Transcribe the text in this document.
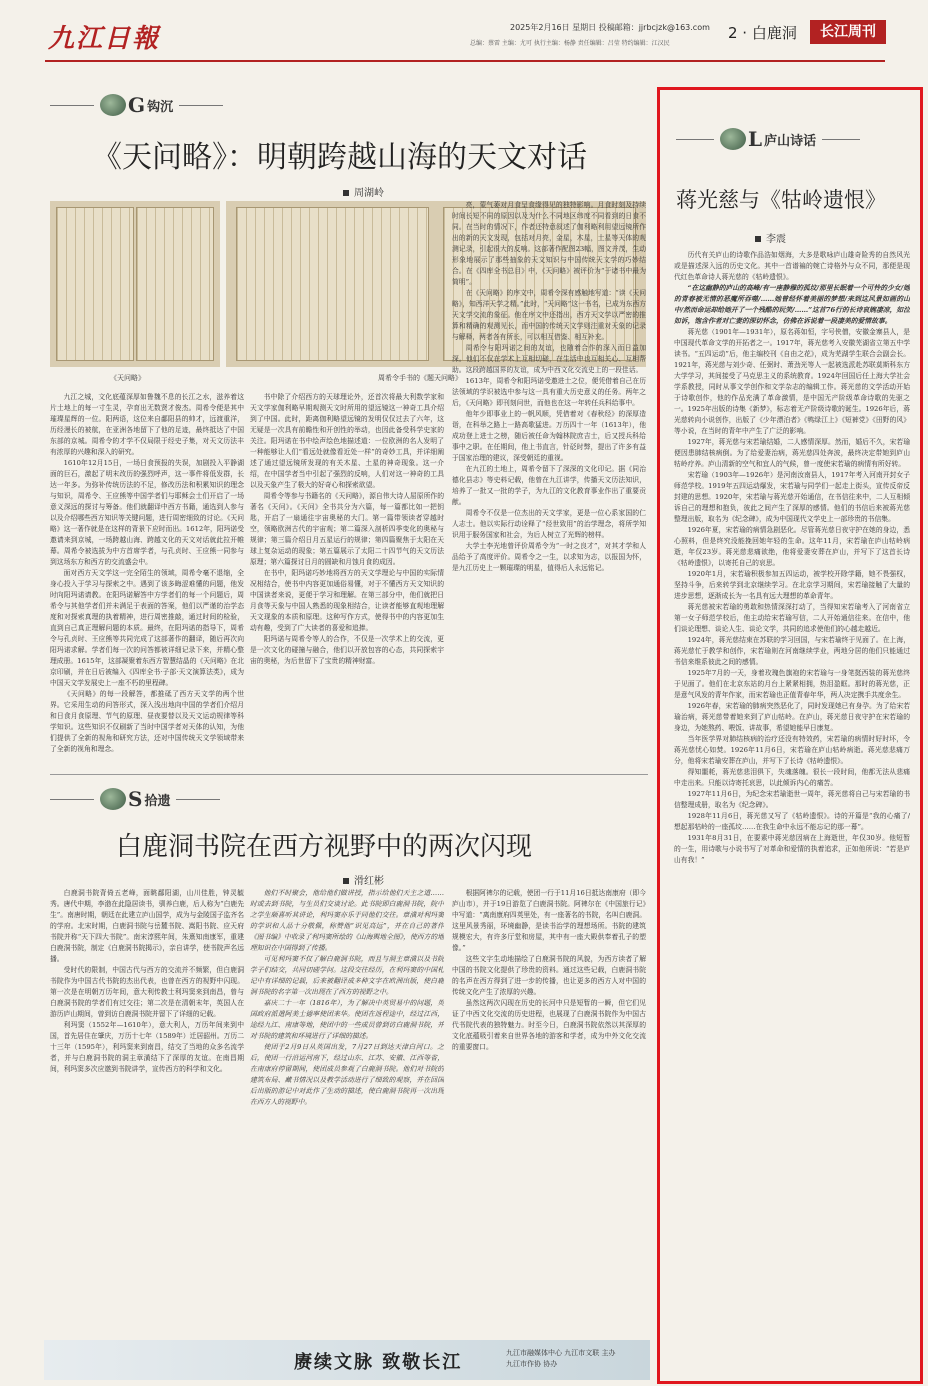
九江日報	2025年2月16日 星期日 投稿邮箱：jjrbcjzk@163.com
总编：蔡雷 主编：尤可 执行主编：杨静 责任编辑：吕莹 特约编辑：江汉民
2 · 白鹿洞	长江周刊
G 钩沉
《天问略》：明朝跨越山海的天文对话
周湖岭
《天问略》	周希令手书的《题天问略》

九江之城，文化底蕴深厚如鲁魏不息的长江之水，滋养着这片土地上的每一寸生灵，孕育出无数贤才俊杰。周希令便是其中璀璨星辉的一位。阳两语，这位来自鄱阳县的帅才，远渡重洋，历经漫长的被航，在亚洲各地留下了他的足迹，最终抵达了中国东部的京城。周希令的才学不仅局限于经史子集，对天文历法丰有浓厚的兴趣和深入的研究。

1610年12月15日，一场日食预报的失误，加剧投入平静湖面的巨石，激起了明末改历的强烈呼声，这一事件将低发群，长达一年多。为弥补传统历法的不足，修改历法和积累知识的理念与知识，周希令、王应熊等中国学者们与耶稣会士们开启了一场意义深远的探讨与筹备。他们就翻译中西方书籍，通选到人参与以及介绍哪些西方知识等关键问题，进行周密细致的讨论。《天问略》这一著作就是在这样的背景下应时而出。1612年，阳玛诺受邀请来到京城，一场跨越山海、跨越文化的天文对话就此拉开帷幕。周希令被选拔为中方首席学者，与孔贞时、王应熊一同参与到这场东方和西方的交流盛会中。

面对西方天文学这一完全陌生的领域，周希令毫不退缩，全身心投入于学习与探索之中。遇到了该多晦涩难懂的问题，他发时向阳玛诺请教。在阳玛诺解答中方学者们的每一个问题后，周希令与其他学者们并未满足于表面的答案，他们以严谨的治学态度和对探索真理的执着精神，进行周密推敲，通过时间的检验，直到自己真正理解问题的本质。最终，在阳玛诺的指导下，周希令与孔贞时、王应熊等共同完成了这部著作的翻译，随后再次向阳玛诺求解。学者们每一次的问答都被详细记录下来，并精心整理成册。1615年，这部凝聚着东西方智慧结晶的《天问略》在北京印刷，并在日后被编入《四库全书·子部·天文演算法类》，成为中国天文学发展史上一座不朽的里程碑。

《天问略》的每一段解答，都推砥了西方天文学的两个世界。它采用生动的问答形式，深入浅出地向中国的学者们介绍月和日食月食原理、节气的原理、昼夜要替以及天文运动规律等科学知识。这些知识不仅刷新了当时中国学者对天体的认知，为他们提供了全新的视角和研究方法，还对中国传统天文学领域带来了全新的视角和理念。

书中除了介绍西方的天球理论外，还首次将最大利数学家和天文学家伽利略早期观测天文时所用的望远镜这一神奇工具介绍到了中国。此时，距离伽利略望远镜的发明仅仅过去了六年，这无疑是一次具有前瞻性和开创性的举动，也因此备受科学史家的关注。阳玛诺在书中绘声绘色地描述道：一位欧洲的名人发明了一种能够让人们“看远处就像看近处一样”的奇妙工具，并详细阐述了通过望远镜所发现的有关木星、土星的神奇现象。这一介绍，在中国学者当中引起了强烈的反响，人们对这一神奇的工具以及天象产生了极大的好奇心和探索欲望。

周希令等参与书籍名的《天问略》，源自伟大诗人屈原所作的著名《天问》。《天问》全书共分为六篇，每一篇都比如一把钥匙，开启了一扇通往宇宙奥秘的大门。第一篇带领读者穿越时空，领略欧洲古代的宇宙观；第二篇深入剖析四季变化的奥秘与规律；第三篇介绍日月五星运行的规律；第四篇聚焦于太阳在天球上复杂运动的现象；第五篇展示了太阳二十四节气的天文历法原理；第六篇探讨日月的圆缺和月蚀月食的成因。

在书中，阳玛诺巧妙地将西方的天文学理论与中国的实际情况相结合，使书中内容更加通俗易懂，对于不懂西方天文知识的中国读者来说，更便于学习和理解。在第三部分中，他们就把日月食等天象与中国人熟悉的现象相结合，让读者能够直观地理解天文现象的本质和原理。这种写作方式，使得书中的内容更加生动有趣，受到了广大读者的喜爱和追捧。

阳玛诺与周希令等人的合作，不仅是一次学术上的交流，更是一次文化的碰撞与融合，他们以开放包容的心态，共同探索宇宙的奥秘，为后世留下了宝贵的精神财富。

亮，蒙气萎对月食呈食缘得见的独特影响。月食时刻及持续时间长短不同的原因以及为什么不同地区纬度不同看到的日食不同。在当时的情况下，作者还特意叙述了伽利略利用望远镜所作出的新的天文发现，包括对月亮，金星，木星，土星等天体的观测记录，引起很大的反响。这部著作配图23幅，图文并茂，生动形象地展示了那些抽象的天文知识与中国传统天文学的巧妙结合。在《四库全书总目》中，《天问略》被评价为“于诸书中最为简明”。

在《天问略》的序文中，周希令深有感触地写道：“读《天问略》，知西洋天学之精。”此时，“天问略”这一书名，已成为东西方天文学交流的象征。他在序文中还指出，西方天文学以严密的推算和精确的观测见长，而中国的传统天文学则注重对天象的记录与解释，两者各有所长，可以相互借鉴、相互补充。

周希令与阳玛诺之间的友谊，也随着合作的深入而日益加深。他们不仅在学术上互相切磋，在生活中也互相关心、互相帮助。这段跨越国界的友谊，成为中西文化交流史上的一段佳话。

1613年，周希令和阳玛诺受邀进士之位，便凭借着自己在历法领域的学识被选中参与这一具有重大历史意义的任务。两年之后，《天问略》即刊刻问世，而他也在这一年转任兵科给事中。

他年少即事业上的一帆风顺，凭借着对《春秋经》的深厚造诣，在科举之路上一路高歌猛进。万历四十一年（1613年），他成功登上进士之榜，随后被任命为翰林院庶吉士，后又授兵科给事中之职。在任期间，他上书直言，针砭时弊，提出了许多有益于国家治理的建议，深受朝廷的重视。

在九江的土地上，周希令留下了深深的文化印记。据《同治德化县志》等史料记载，他曾在九江讲学，传播天文历法知识，培养了一批又一批的学子，为九江的文化教育事业作出了重要贡献。

周希令不仅是一位杰出的天文学家，更是一位心系家国的仁人志士。他以实际行动诠释了“经世致用”的治学理念，将所学知识用于服务国家和社会，为后人树立了光辉的榜样。

大学士李光地曾评价周希令为“一时之良才”，对其才学和人品给予了高度评价。周希令之一生，以求知为志，以报国为怀，是九江历史上一颗璀璨的明星，值得后人永远铭记。

S 拾遗
白鹿洞书院在西方视野中的两次闪现
滑红彬

白鹿洞书院背倚五老峰，面眺鄱阳湖，山川佳胜，钟灵毓秀。唐代中期，李渤在此隐居读书，驯养白鹿，后人称为“白鹿先生”。南唐时期，朝廷在此建立庐山国学，成为与金陵国子监齐名的学府。北宋时期，白鹿洞书院与岳麓书院、嵩阳书院、应天府书院并称“天下四大书院”。南宋淳熙年间，朱熹知南康军，重建白鹿洞书院，制定《白鹿洞书院揭示》，亲自讲学，使书院声名远播。

受时代的限制，中国古代与西方的交流并不频繁，但白鹿洞书院作为中国古代书院的杰出代表，也曾在西方的视野中闪现。第一次是在明朝万历年间，意大利传教士利玛窦来到南昌，曾与白鹿洞书院的学者们有过交往；第二次是在清朝末年，英国人在游历庐山期间，曾到访白鹿洞书院并留下了详细的记载。

利玛窦（1552年—1610年），意大利人，万历年间来到中国，首先居住在肇庆，万历十七年（1589年）迁居韶州。万历二十三年（1595年），利玛窦来到南昌，结交了当地的众多名流学者，并与白鹿洞书院的洞主章潢结下了深厚的友谊。在南昌期间，利玛窦多次应邀到书院讲学，宣传西方的科学和文化。

他们不时聚会，他给他们做讲授，指示给他们天主之道……时或去到书院，与生员们交谈讨论。此书院即白鹿洞书院，院中之学生颇喜听其讲论，利玛窦亦乐于同他们交往。章潢对利玛窦的学识和人品十分敬佩，称赞他“识见高远”，并在自己的著作《图书编》中收录了利玛窦所绘的《山海舆地全图》，使西方的地理知识在中国得到了传播。

可见利玛窦不仅了解白鹿洞书院，而且与洞主章潢以及书院学子们结交，共同切磋学问。这段交往经历，在利玛窦的中国札记中有详细的记载，后来被翻译成多种文字在欧洲出版，使白鹿洞书院的名字第一次出现在了西方的视野之中。

嘉庆二十一年（1816年），为了解决中英贸易中的问题，英国政府派遣阿美士德率使团来华。使团在返程途中，经过江西，途经九江、南康等地，使团中的一些成员曾到访白鹿洞书院，并对书院的建筑和环境进行了详细的描述。

使团于2月9日从英国出发，7月27日到达天津白河口。之后，使团一行沿运河南下，经过山东、江苏、安徽、江西等省，在南康府停留期间，使团成员参观了白鹿洞书院。他们对书院的建筑布局、藏书情况以及教学活动进行了细致的观察，并在回国后出版的游记中对此作了生动的描述，使白鹿洞书院再一次出现在西方人的视野中。

根据阿裨尔的记载，使团一行于11月16日抵达南康府（即今庐山市），并于19日游览了白鹿洞书院。阿裨尔在《中国旅行记》中写道：“离南康府四英里处，有一座著名的书院，名叫白鹿洞。这里风景秀丽，环境幽静，是读书治学的理想场所。书院的建筑规模宏大，有许多厅堂和房屋，其中有一座大殿供奉着孔子的塑像。”

这些文字生动地描绘了白鹿洞书院的风貌，为西方读者了解中国的书院文化提供了珍贵的资料。通过这些记载，白鹿洞书院的名声在西方得到了进一步的传播，也让更多的西方人对中国的传统文化产生了浓厚的兴趣。

虽然这两次闪现在历史的长河中只是短暂的一瞬，但它们见证了中西文化交流的历史进程，也展现了白鹿洞书院作为中国古代书院代表的独特魅力。时至今日，白鹿洞书院依然以其深厚的文化底蕴吸引着来自世界各地的游客和学者，成为中外文化交流的重要窗口。

赓续文脉 致敬长江	九江市融媒体中心 九江市文联 主办
九江市作协 协办
L 庐山诗话
蒋光慈与《牯岭遗恨》
李震

历代有关庐山的诗歌作品浩如烟海，大多是歌咏庐山雄奇险秀的自然风光或是描述深入远的历史文化。其中一首谱褊的婉亡诗格外与众不同，那便是现代红色革命诗人蒋光慈的《牯岭遗恨》。

“在这幽静的庐山的高峰/有一座静穆的孤坟/那里长眠着一个可怜的少女/她的青春被无情的恶魔所吞噬/……她曾经怀着美丽的梦想/来到这风景如画的山中/然而命运却给她开了一个残酷的玩笑/……”这首76行的长诗哀婉凄凉，如泣如诉，饱含作者对亡妻的深切怀念，仿佛在诉说着一段凄美的爱情故事。

蒋光慈（1901年—1931年），原名蒋如恒，字号侠僧，安徽金寨县人，是中国现代革命文学的开拓者之一。1917年，蒋光慈考入安徽芜湖省立第五中学读书。“五四运动”后，他主编校刊《自由之花》，成为芜湖学生联合会副会长。1921年，蒋光慈与刘少奇、任弼时、萧劲光等人一起被选派赴苏联莫斯科东方大学学习，其间接受了马克思主义的系统教育。1924年回国后任上海大学社会学系教授，同时从事文学创作和文学杂志的编辑工作。蒋光慈的文学活动开始于诗歌创作，他的作品充满了革命激情，是中国无产阶级革命诗歌的先驱之一。1925年出版的诗集《新梦》，标志着无产阶级诗歌的诞生。1926年后，蒋光慈转向小说创作，出版了《少年漂泊者》《鸭绿江上》《短裤党》《田野的风》等小说，在当时的青年中产生了广泛的影响。

1927年，蒋光慈与宋若瑜结婚，二人感情深厚。然而，婚后不久，宋若瑜便因患肺结核病倒。为了给爱妻治病，蒋光慈四处奔波，最终决定带她到庐山牯岭疗养。庐山清新的空气和宜人的气候，曾一度使宋若瑜的病情有所好转。

宋若瑜（1903年—1926年）是河南汝南县人，1917年考入河南开封女子师范学校。1919年五四运动爆发，宋若瑜与同学们一起走上街头，宣传反帝反封建的思想。1920年，宋若瑜与蒋光慈开始通信，在书信往来中，二人互相倾诉自己的理想和抱负，彼此之间产生了深厚的感情。他们的书信后来被蒋光慈整理出版，取名为《纪念碑》，成为中国现代文学史上一部珍贵的书信集。

1926年夏，宋若瑜的病情急剧恶化。尽管蒋光慈日夜守护在她的身边，悉心照料，但是终究没能挽回她年轻的生命。这年11月，宋若瑜在庐山牯岭病逝，年仅23岁。蒋光慈悲痛欲绝，他将爱妻安葬在庐山，并写下了这首长诗《牯岭遗恨》，以寄托自己的哀思。

1920年1月，宋若瑜积极参加五四运动，被学校开除学籍，她不畏强权，坚持斗争，后来转学到北京继续学习。在北京学习期间，宋若瑜接触了大量的进步思想，逐渐成长为一名具有远大理想的革命青年。

蒋光慈被宋若瑜的勇敢和热情深深打动了，当得知宋若瑜考入了河南省立第一女子师范学校后，他主动给宋若瑜写信，二人开始通信往来。在信中，他们谈论理想、谈论人生、谈论文学，共同的追求使他们的心越走越近。

1924年，蒋光慈结束在苏联的学习回国，与宋若瑜终于见面了。在上海，蒋光慈忙于教学和创作，宋若瑜则在河南继续学业，两地分居的他们只能通过书信来维系彼此之间的感情。

1925年7月的一天，身着玫瑰色旗袍的宋若瑜与一身笔挺西装的蒋光慈终于见面了。他们在北京东站的月台上紧紧相拥，热泪盈眶。那时的蒋光慈，正是意气风发的青年作家，而宋若瑜也正值青春年华，两人决定携手共度余生。

1926年春，宋若瑜的肺病突然恶化了，同时发现她已有身孕。为了给宋若瑜治病，蒋光慈带着她来到了庐山牯岭。在庐山，蒋光慈日夜守护在宋若瑜的身边，为她熬药、喂饭、讲故事，希望她能早日康复。

当年医学界对肺结核病的治疗还没有特效药，宋若瑜的病情时好时坏，令蒋光慈忧心如焚。1926年11月6日，宋若瑜在庐山牯岭病逝。蒋光慈悲痛万分，他将宋若瑜安葬在庐山，并写下了长诗《牯岭遗恨》。

得知噩耗，蒋光慈悲泪俱下，失魂落魄。很长一段时间，他都无法从悲痛中走出来。只能以诗寄托哀思，以此倾诉内心的痛苦。

1927年11月6日，为纪念宋若瑜逝世一周年，蒋光慈将自己与宋若瑜的书信整理成册，取名为《纪念碑》。

1928年11月6日，蒋光慈又写了《牯岭遗恨》。诗的开篇是“我的心痛了/想起那牯岭的一座孤坟……在我生命中永远不能忘记的那一幕”。

1931年8月31日，在要素中蒋光慈因病在上海逝世，年仅30岁。他短暂的一生，用诗歌与小说书写了对革命和爱情的执着追求，正如他所说：“若是庐山有我！”
